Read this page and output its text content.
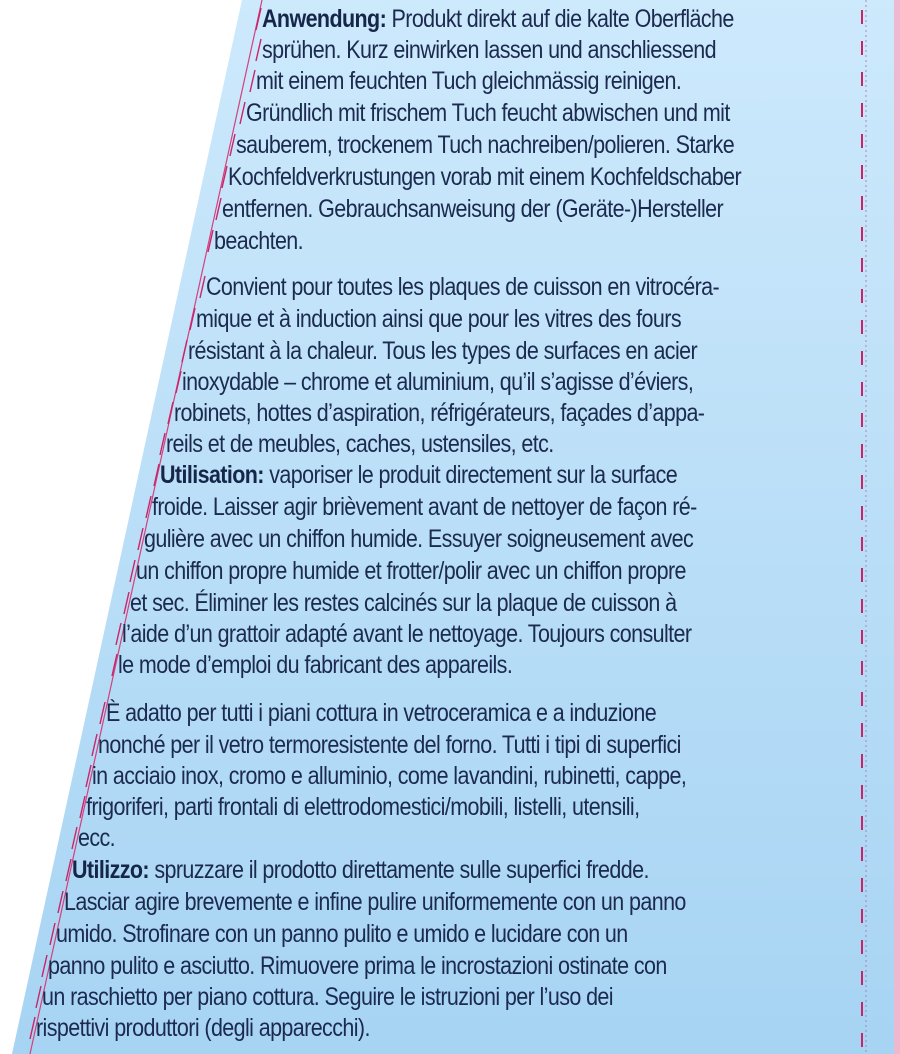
Anwendung: Produkt direkt auf die kalte Oberfläche
sprühen. Kurz einwirken lassen und anschliessend
mit einem feuchten Tuch gleichmässig reinigen.
Gründlich mit frischem Tuch feucht abwischen und mit
sauberem, trockenem Tuch nachreiben/polieren. Starke
Kochfeldverkrustungen vorab mit einem Kochfeldschaber
entfernen. Gebrauchsanweisung der (Geräte-)Hersteller
beachten.
Convient pour toutes les plaques de cuisson en vitrocéra-
mique et à induction ainsi que pour les vitres des fours
résistant à la chaleur. Tous les types de surfaces en acier
inoxydable – chrome et aluminium, qu’il s’agisse d’éviers,
robinets, hottes d’aspiration, réfrigérateurs, façades d’appa-
reils et de meubles, caches, ustensiles, etc.
Utilisation: vaporiser le produit directement sur la surface
froide. Laisser agir brièvement avant de nettoyer de façon ré-
gulière avec un chiffon humide. Essuyer soigneusement avec
un chiffon propre humide et frotter/polir avec un chiffon propre
et sec. Éliminer les restes calcinés sur la plaque de cuisson à
l’aide d’un grattoir adapté avant le nettoyage. Toujours consulter
le mode d’emploi du fabricant des appareils.
È adatto per tutti i piani cottura in vetroceramica e a induzione
nonché per il vetro termoresistente del forno. Tutti i tipi di superfici
in acciaio inox, cromo e alluminio, come lavandini, rubinetti, cappe,
frigoriferi, parti frontali di elettrodomestici/mobili, listelli, utensili,
ecc.
Utilizzo: spruzzare il prodotto direttamente sulle superfici fredde.
Lasciar agire brevemente e infine pulire uniformemente con un panno
umido. Strofinare con un panno pulito e umido e lucidare con un
panno pulito e asciutto. Rimuovere prima le incrostazioni ostinate con
un raschietto per piano cottura. Seguire le istruzioni per l’uso dei
rispettivi produttori (degli apparecchi).
